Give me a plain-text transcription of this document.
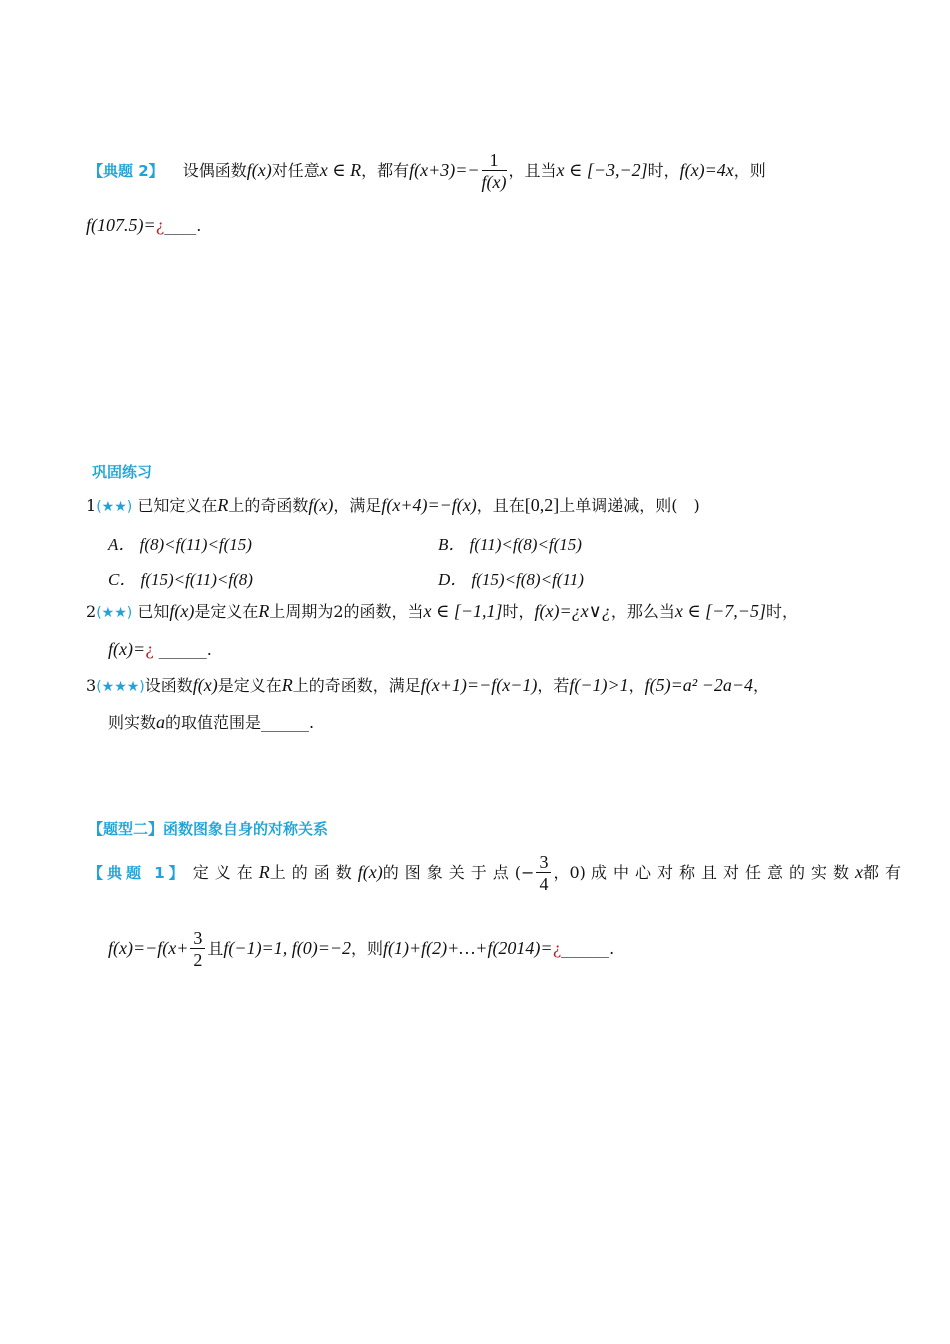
【典题 2】 设偶函数f(x)对任意x ∈ R，都有$f(x+3)=- \frac{1}{f(x)}$ ，且当x ∈ [−3,−2]时，f(x)=4x，则
f(107.5)=¿____.
巩固练习
1(★★) 已知定义在R上的奇函数f(x)，满足f(x+4)=−f(x)，且在[0,2]上单调递减，则(　)
A． f(8)<f(11)<f(15)	B． f(11)<f(8)<f(15)
C． f(15)<f(11)<f(8)	D． f(15)<f(8)<f(11)
2(★★) 已知f(x)是定义在R上周期为2的函数，当x ∈ [−1,1]时，f(x)=¿x∨¿，那么当x ∈ [−7,−5]时，
f(x)=¿ ______.
3(★★★)设函数f(x)是定义在R上的奇函数，满足f(x+1)=−f(x−1)，若f(−1)>1，f(5)=a² −2a−4，
则实数a的取值范围是______.
【题型二】函数图象自身的对称关系
【典题 1】 定义在R上的函数f(x)的图象关于点(− $\frac{3}{4}$ ，0) 成中心对称且对任意的实数x都有
$f(x)=-f(x+ \frac{3}{2}$ 且f(−1)=1, f(0)=−2，则f(1)+f(2)+…+f(2014)=¿______.
